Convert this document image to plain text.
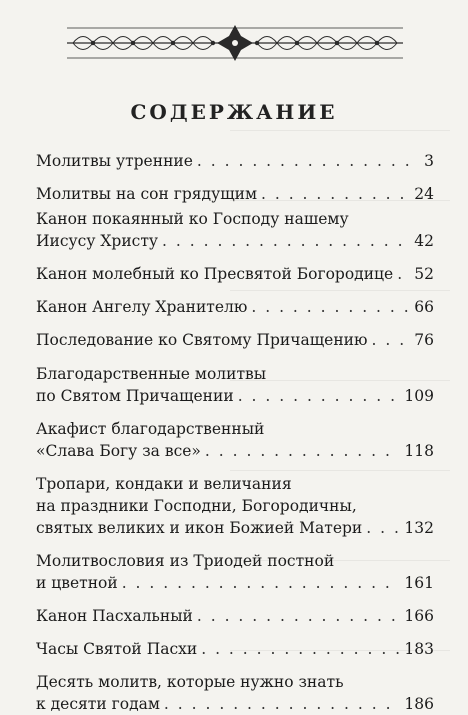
СОДЕРЖАНИЕ
Молитвы утренние . . .	3
Молитвы на сон грядущим . . .	24
Канон покаянный ко Господу нашему
Иисусу Христу . . .	42
Канон молебный ко Пресвятой Богородице . . . 52
Канон Ангелу Хранителю . . .	66
Последование ко Святому Причащению . . .	76
Благодарственные молитвы
по Святом Причащении . . .	109
Акафист благодарственный
«Слава Богу за все» . . .	118
Тропари, кондаки и величания
на праздники Господни, Богородичны,
святых великих и икон Божией Матери . . .	132
Молитвословия из Триодей постной
и цветной . . .	161
Канон Пасхальный . . .	166
Часы Святой Пасхи . . .	183
Десять молитв, которые нужно знать
к десяти годам . . .	186
